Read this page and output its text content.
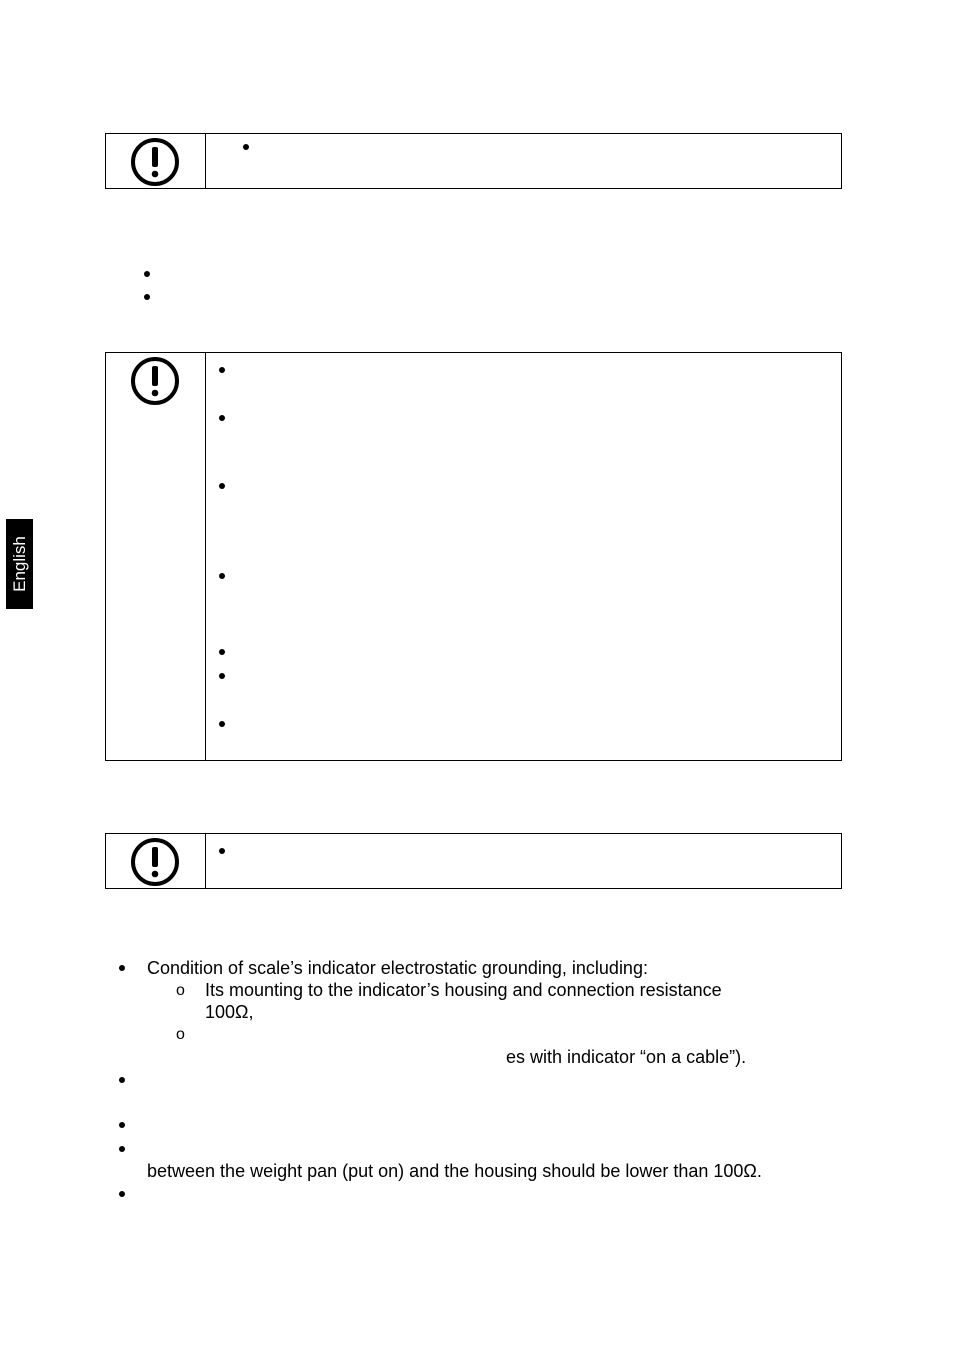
English
Condition of scale’s indicator electrostatic grounding, including:
o Its mounting to the indicator’s housing and connection resistance
100Ω,
o
es with indicator “on a cable”).
between the weight pan (put on) and the housing should be lower than 100Ω.
